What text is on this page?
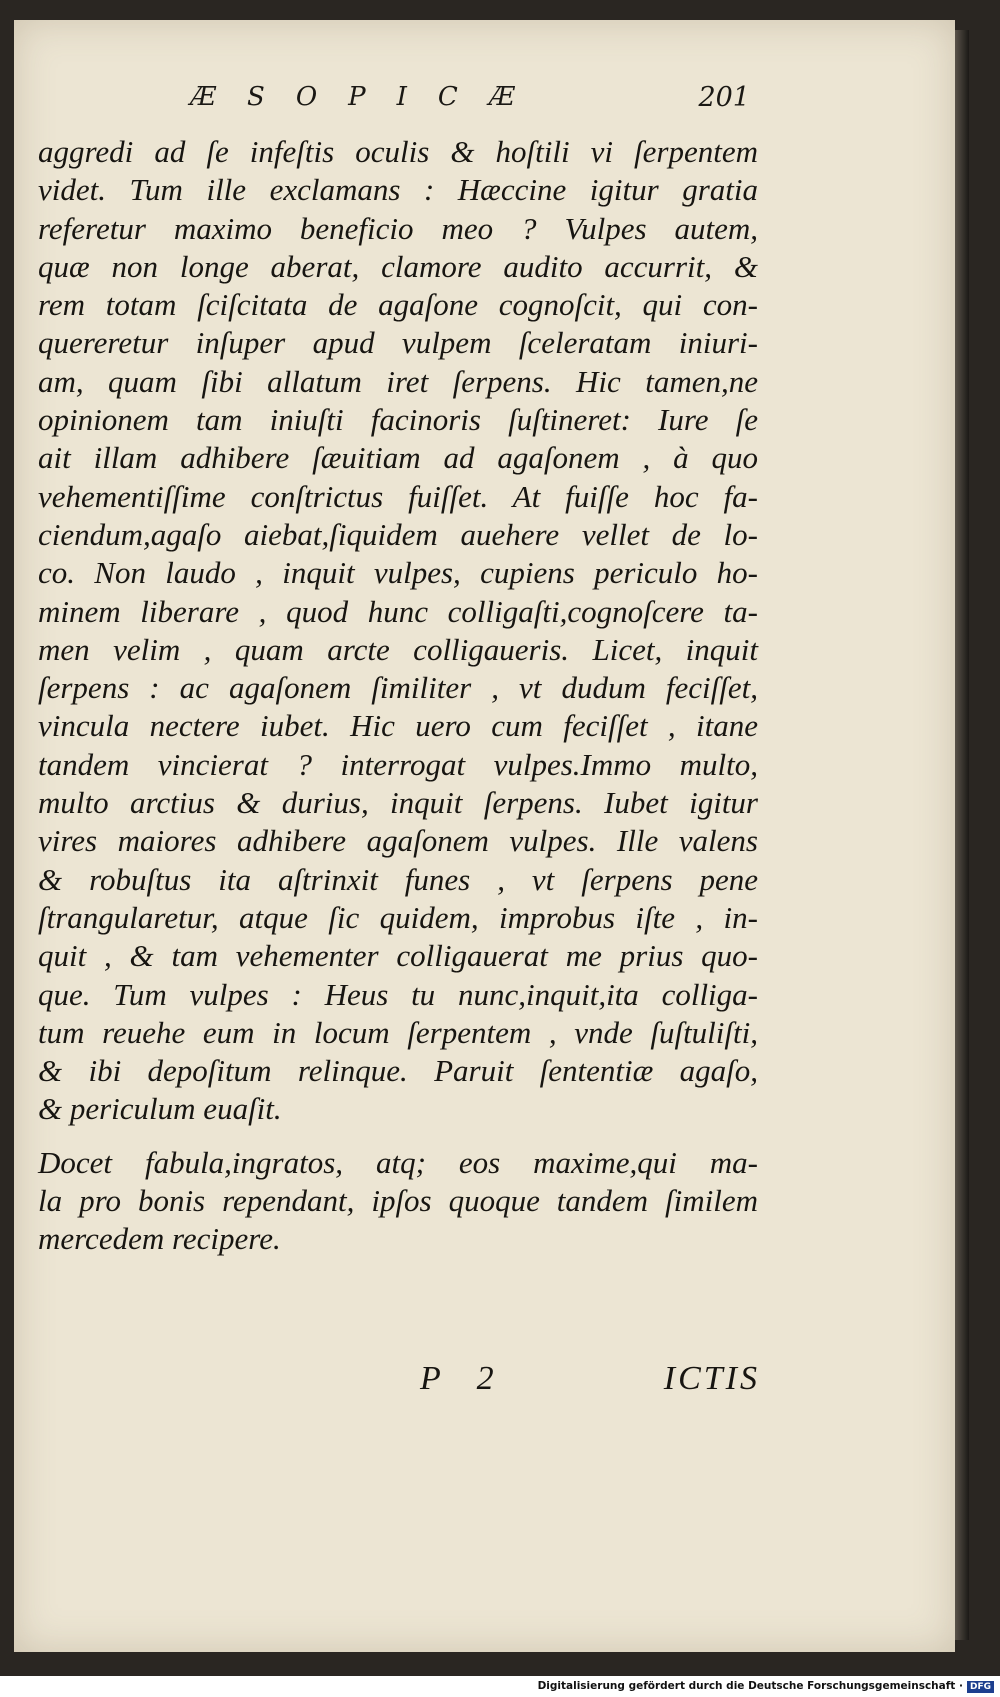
ÆSOPICÆ	201
aggredi ad ſe infeſtis oculis & hoſtili vi ſerpentem
videt. Tum ille exclamans : Hæccine igitur gratia
referetur maximo beneficio meo ? Vulpes autem,
quæ non longe aberat, clamore audito accurrit, &
rem totam ſciſcitata de agaſone cognoſcit, qui con-
quereretur inſuper apud vulpem ſceleratam iniuri-
am, quam ſibi allatum iret ſerpens. Hic tamen,ne
opinionem tam iniuſti facinoris ſuſtineret: Iure ſe
ait illam adhibere ſæuitiam ad agaſonem , à quo
vehementiſſime conſtrictus fuiſſet. At fuiſſe hoc fa-
ciendum,agaſo aiebat,ſiquidem auehere vellet de lo-
co. Non laudo , inquit vulpes, cupiens periculo ho-
minem liberare , quod hunc colligaſti,cognoſcere ta-
men velim , quam arcte colligaueris. Licet, inquit
ſerpens : ac agaſonem ſimiliter , vt dudum feciſſet,
vincula nectere iubet. Hic uero cum feciſſet , itane
tandem vincierat ? interrogat vulpes.Immo multo,
multo arctius & durius, inquit ſerpens. Iubet igitur
vires maiores adhibere agaſonem vulpes. Ille valens
& robuſtus ita aſtrinxit funes , vt ſerpens pene
ſtrangularetur, atque ſic quidem, improbus iſte , in-
quit , & tam vehementer colligauerat me prius quo-
que. Tum vulpes : Heus tu nunc,inquit,ita colliga-
tum reuehe eum in locum ſerpentem , vnde ſuſtuliſti,
& ibi depoſitum relinque. Paruit ſententiæ agaſo,
& periculum euaſit.
Docet fabula,ingratos, atq; eos maxime,qui ma-
la pro bonis rependant, ipſos quoque tandem ſimilem
mercedem recipere.
P 2	ICTIS
Digitalisierung gefördert durch die Deutsche Forschungsgemeinschaft · DFG
